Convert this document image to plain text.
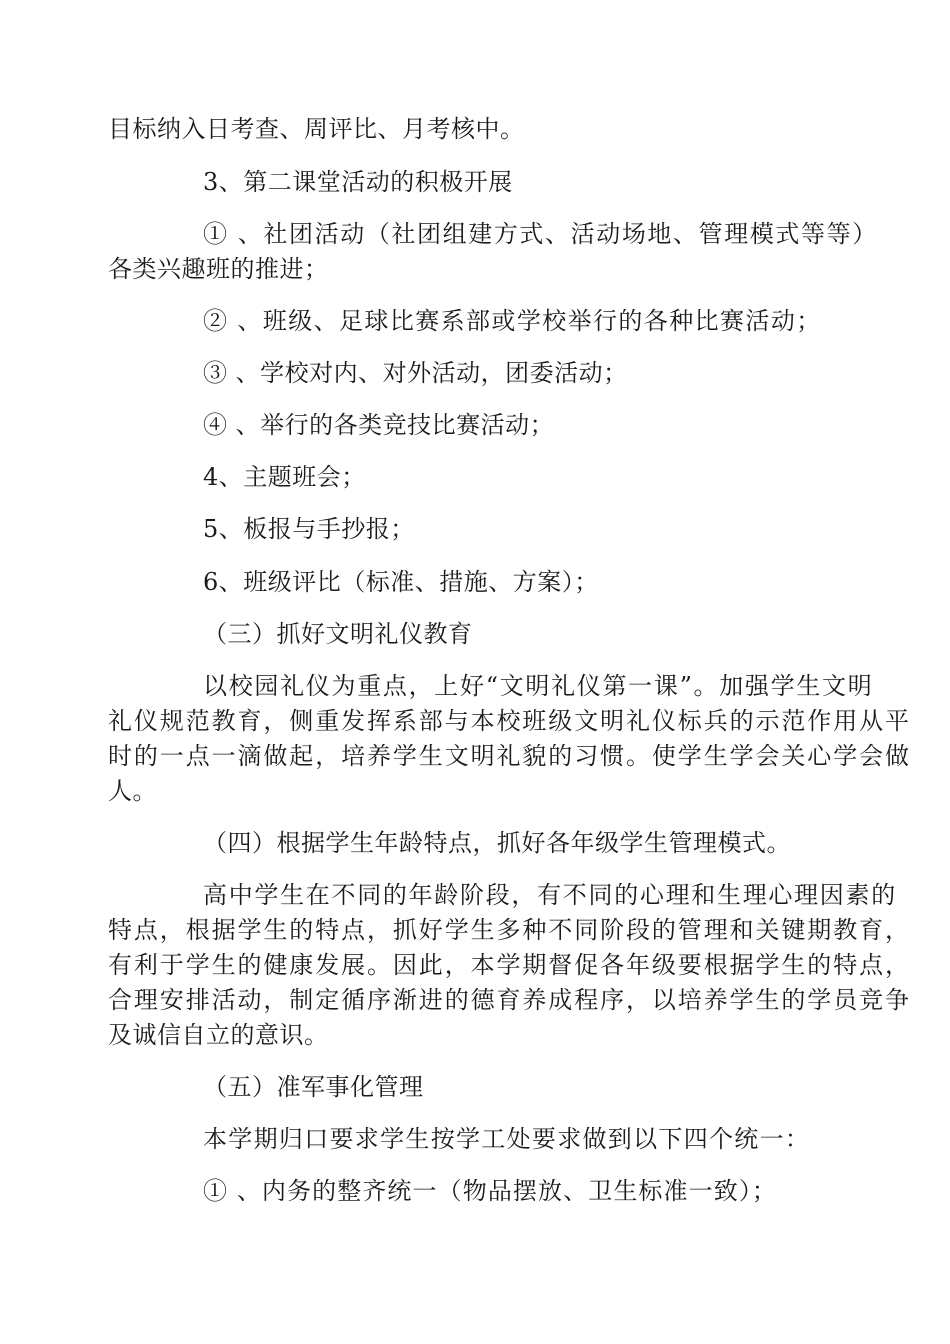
目标纳入日考查、周评比、月考核中。
3、第二课堂活动的积极开展
① 、社团活动（社团组建方式、活动场地、管理模式等等）
各类兴趣班的推进；
② 、班级、足球比赛系部或学校举行的各种比赛活动；
③ 、学校对内、对外活动，团委活动；
④ 、举行的各类竞技比赛活动；
4、主题班会；
5、板报与手抄报；
6、班级评比（标准、措施、方案）；
（三）抓好文明礼仪教育
以校园礼仪为重点，上好“文明礼仪第一课”。加强学生文明
礼仪规范教育，侧重发挥系部与本校班级文明礼仪标兵的示范作用从平
时的一点一滴做起，培养学生文明礼貌的习惯。使学生学会关心学会做
人。
（四）根据学生年龄特点，抓好各年级学生管理模式。
高中学生在不同的年龄阶段，有不同的心理和生理心理因素的
特点，根据学生的特点，抓好学生多种不同阶段的管理和关键期教育，
有利于学生的健康发展。因此，本学期督促各年级要根据学生的特点，
合理安排活动，制定循序渐进的德育养成程序，以培养学生的学员竞争
及诚信自立的意识。
（五）准军事化管理
本学期归口要求学生按学工处要求做到以下四个统一：
① 、内务的整齐统一（物品摆放、卫生标准一致）；
